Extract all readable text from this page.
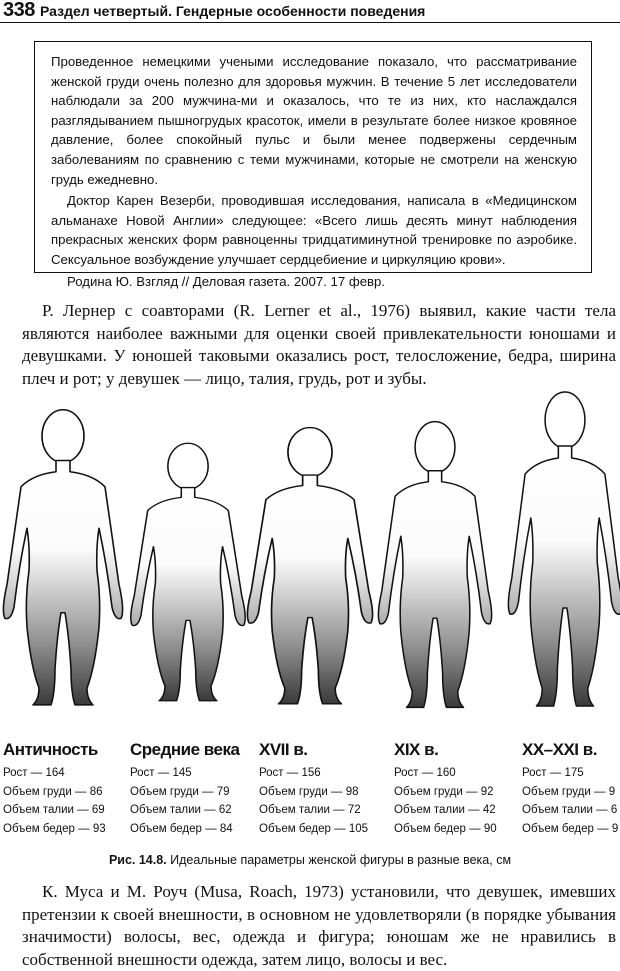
338 Раздел четвертый. Гендерные особенности поведения

Проведенное немецкими учеными исследование показало, что рассматривание женской груди очень полезно для здоровья мужчин. В течение 5 лет исследователи наблюдали за 200 мужчина-ми и оказалось, что те из них, кто наслаждался разглядыванием пышногрудых красоток, имели в результате более низкое кровяное давление, более спокойный пульс и были менее подвержены сердечным заболеваниям по сравнению с теми мужчинами, которые не смотрели на женскую грудь ежедневно.

Доктор Карен Везерби, проводившая исследования, написала в «Медицинском альманахе Новой Англии» следующее: «Всего лишь десять минут наблюдения прекрасных женских форм равноценны тридцатиминутной тренировке по аэробике. Сексуальное возбуждение улучшает сердцебиение и циркуляцию крови».

Родина Ю. Взгляд // Деловая газета. 2007. 17 февр.

Р. Лернер с соавторами (R. Lerner et al., 1976) выявил, какие части тела являются наиболее важными для оценки своей привлекательности юношами и девушками. У юношей таковыми оказались рост, телосложение, бедра, ширина плеч и рот; у девушек — лицо, талия, грудь, рот и зубы.

Античность
Рост — 164
Объем груди — 86
Объем талии — 69
Объем бедер — 93
Средние века
Рост — 145
Объем груди — 79
Объем талии — 62
Объем бедер — 84
XVII в.
Рост — 156
Объем груди — 98
Объем талии — 72
Объем бедер — 105
XIX в.
Рост — 160
Объем груди — 92
Объем талии — 42
Объем бедер — 90
XX–XXI в.
Рост — 175
Объем груди — 9
Объем талии — 6
Объем бедер — 9
Рис. 14.8. Идеальные параметры женской фигуры в разные века, см

К. Муса и М. Роуч (Musa, Roach, 1973) установили, что девушек, имевших претензии к своей внешности, в основном не удовлетворяли (в порядке убывания значимости) волосы, вес, одежда и фигура; юношам же не нравились в собственной внешности одежда, затем лицо, волосы и вес.
